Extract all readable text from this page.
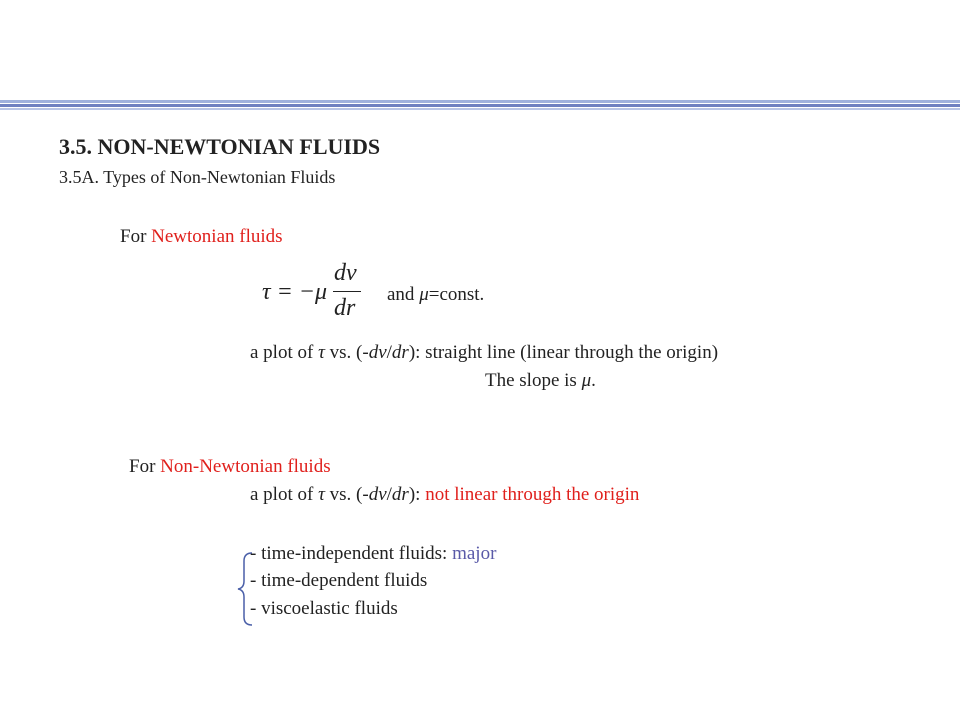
3.5. NON-NEWTONIAN FLUIDS
3.5A. Types of Non-Newtonian Fluids
For Newtonian fluids
τ = −μ
dv
dr
and μ=const.
a plot of τ vs. (-dv/dr): straight line (linear through the origin)
The slope is μ.
For Non-Newtonian fluids
a plot of τ vs. (-dv/dr): not linear through the origin
- time-independent fluids: major
- time-dependent fluids
- viscoelastic fluids
